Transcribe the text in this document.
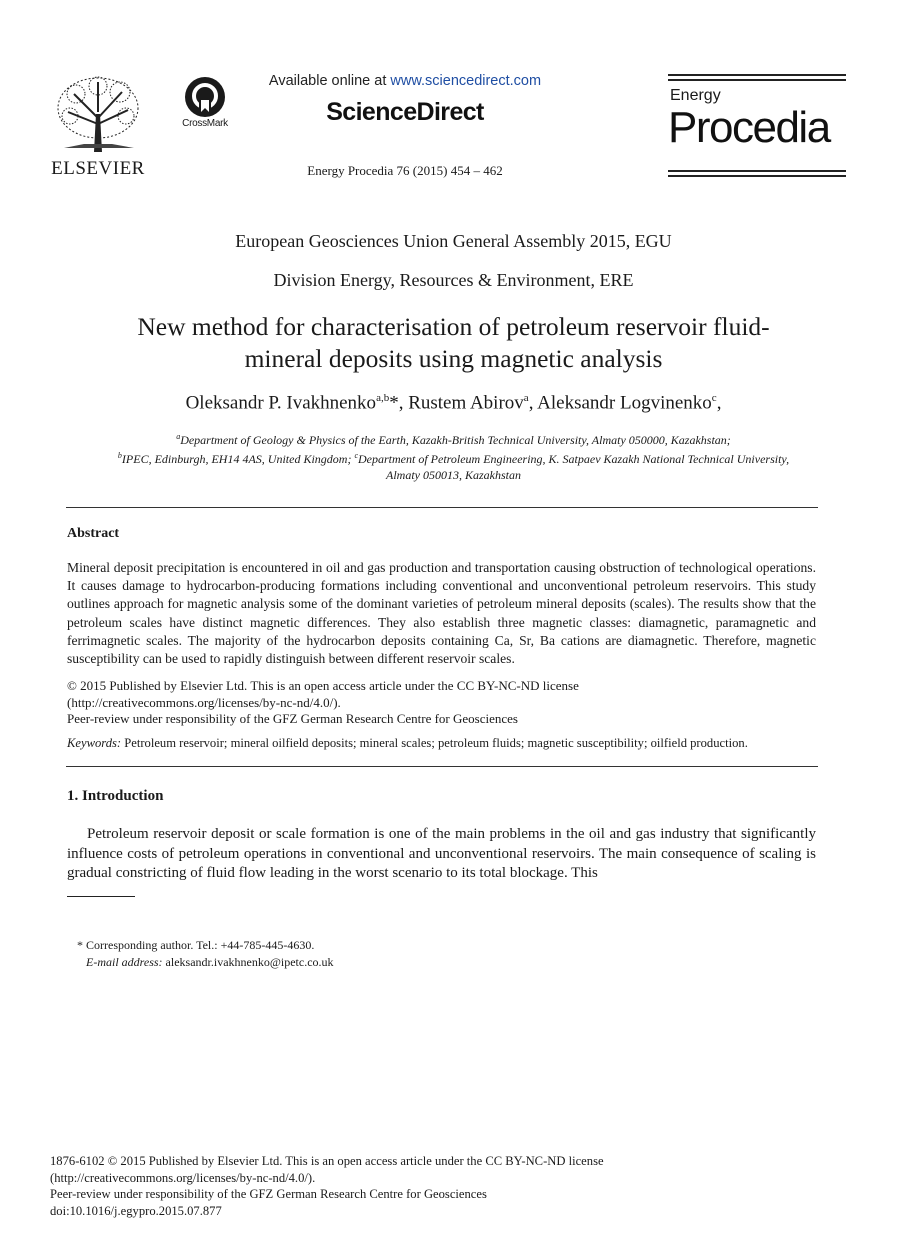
ELSEVIER
CrossMark
Available online at www.sciencedirect.com
ScienceDirect
Energy Procedia 76 (2015) 454 – 462
Energy
Procedia
European Geosciences Union General Assembly 2015, EGU
Division Energy, Resources & Environment, ERE
New method for characterisation of petroleum reservoir fluid-
mineral deposits using magnetic analysis
Oleksandr P. Ivakhnenko$^{a,b}$*, Rustem Abirov$^a$, Aleksandr Logvinenko$^c$,
$^a$Department of Geology & Physics of the Earth, Kazakh-British Technical University, Almaty 050000, Kazakhstan;
$^b$IPEC, Edinburgh, EH14 4AS, United Kingdom; $^c$Department of Petroleum Engineering, K. Satpaev Kazakh National Technical University,
Almaty 050013, Kazakhstan
Abstract
Mineral deposit precipitation is encountered in oil and gas production and transportation causing obstruction of technological operations. It causes damage to hydrocarbon-producing formations including conventional and unconventional petroleum reservoirs. This study outlines approach for magnetic analysis some of the dominant varieties of petroleum mineral deposits (scales). The results show that the petroleum scales have distinct magnetic differences. They also establish three magnetic classes: diamagnetic, paramagnetic and ferrimagnetic scales. The majority of the hydrocarbon deposits containing Ca, Sr, Ba cations are diamagnetic. Therefore, magnetic susceptibility can be used to rapidly distinguish between different reservoir scales.
© 2015 Published by Elsevier Ltd. This is an open access article under the CC BY-NC-ND license
(http://creativecommons.org/licenses/by-nc-nd/4.0/).
Peer-review under responsibility of the GFZ German Research Centre for Geosciences
Keywords: Petroleum reservoir; mineral oilfield deposits; mineral scales; petroleum fluids; magnetic susceptibility; oilfield production.
1. Introduction
Petroleum reservoir deposit or scale formation is one of the main problems in the oil and gas industry that significantly influence costs of petroleum operations in conventional and unconventional reservoirs. The main consequence of scaling is gradual constricting of fluid flow leading in the worst scenario to its total blockage. This
* Corresponding author. Tel.: +44-785-445-4630.
E-mail address: aleksandr.ivakhnenko@ipetc.co.uk
1876-6102 © 2015 Published by Elsevier Ltd. This is an open access article under the CC BY-NC-ND license
(http://creativecommons.org/licenses/by-nc-nd/4.0/).
Peer-review under responsibility of the GFZ German Research Centre for Geosciences
doi:10.1016/j.egypro.2015.07.877
